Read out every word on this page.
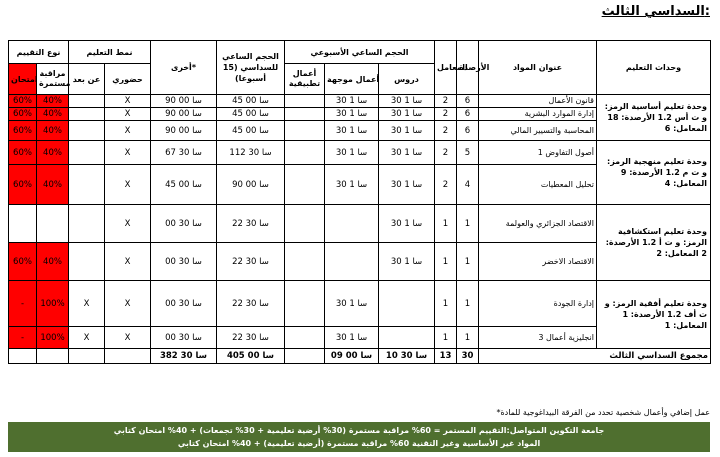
السداسي الثالث:
نوع التقييم		نمط التعليم		أخرى*	الحجم الساعي للسداسي (15 أسبوعا)	الحجم الساعي الأسبوعي			المعامل	الأرصدة	عنوان المواد	وحدات التعليم
امتحان	مراقبة مستمرة	عن بعد	حضوري			أعمال تطبيقية	أعمال موجهة	دروس				
60%	40%		X	90 سا 00	45 سا 00		30 سا 1	30 سا 1	2	6	قانون الأعمال	وحدة تعليم أساسية الرمز: و ت أس 1.2 الأرصدة: 18 المعامل: 6
60%	40%		X	90 سا 00	45 سا 00		30 سا 1	30 سا 1	2	6	إدارة الموارد البشرية	
60%	40%		X	90 سا 00	45 سا 00		30 سا 1	30 سا 1	2	6	المحاسبة والتسيير المالي	
60%	40%		X	67 سا 30	112 سا 30		30 سا 1	30 سا 1	2	5	أصول التفاوض 1	وحدة تعليم منهجية الرمز: و ت م 1.2 الأرصدة: 9 المعامل: 4
60%	40%		X	45 سا 00	90 سا 00		30 سا 1	30 سا 1	2	4	تحليل المعطيات	
			X	00 سا 30	22 سا 30			30 سا 1	1	1	الاقتصاد الجزائري والعولمة	وحدة تعليم استكشافية الرمز: و ت أ 1.2 الأرصدة: 2 المعامل: 2
60%	40%		X	00 سا 30	22 سا 30			30 سا 1	1	1	الاقتصاد الاخضر	
-	100%	X	X	00 سا 30	22 سا 30		30 سا 1		1	1	إدارة الجودة	وحدة تعليم أفقية الرمز: و ت أف 1.2 الأرصدة: 1 المعامل: 1
-	100%	X	X	00 سا 30	22 سا 30		30 سا 1		1	1	انجليزية أعمال 3	
				382 سا 30	405 سا 00		09 سا 00	10 سا 30	13	30	مجموع السداسي الثالث	
*عمل إضافي وأعمال شخصية تحدد من الفرقة البيداغوجية للمادة
جامعة التكوين المتواصل:التقييم المستمر = 60% مراقبة مستمرة (30% أرضية تعليمية + 30% تجمعات) + 40% امتحان كتابي
المواد غير الأساسية وغير التقنية 60% مراقبة مستمرة (أرضية تعليمية) + 40% امتحان كتابي
